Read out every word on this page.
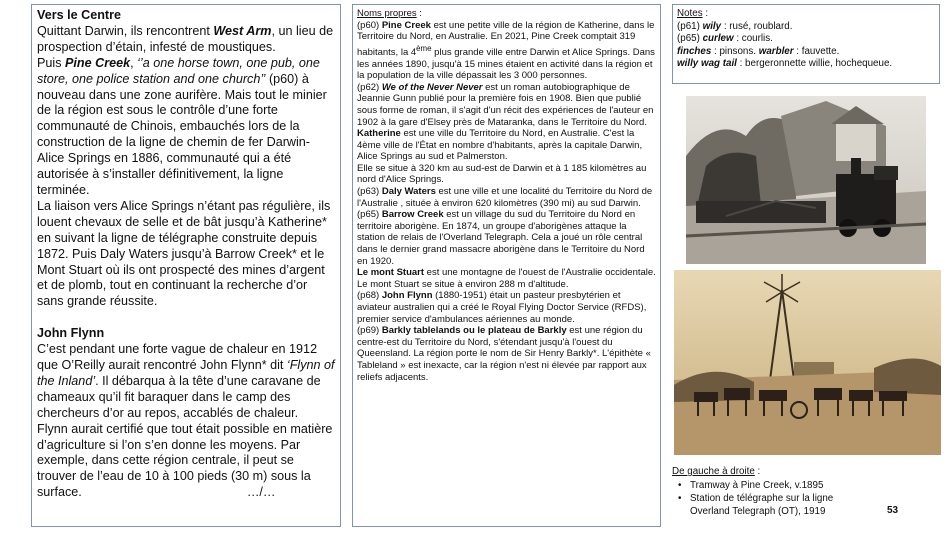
Vers le Centre

Quittant Darwin, ils rencontrent West Arm, un lieu de prospection d’étain, infesté de moustiques.

Puis Pine Creek, ‘’a one horse town, one pub, one store, one police station and one church’’ (p60) à nouveau dans une zone aurifère. Mais tout le minier de la région est sous le contrôle d’une forte communauté de Chinois, embauchés lors de la construction de la ligne de chemin de fer Darwin-Alice Springs en 1886, communauté qui a été autorisée à s’installer définitivement, la ligne terminée.

La liaison vers Alice Springs n’étant pas régulière, ils louent chevaux de selle et de bât jusqu’à Katherine* en suivant la ligne de télégraphe construite depuis 1872. Puis Daly Waters jusqu’à Barrow Creek* et le Mont Stuart où ils ont prospecté des mines d’argent et de plomb, tout en continuant la recherche d’or sans grande réussite.

John Flynn

C’est pendant une forte vague de chaleur en 1912 que O’Reilly aurait rencontré John Flynn* dit ‘Flynn of the Inland’. Il débarqua à la tête d’une caravane de chameaux qu’il fit baraquer dans le camp des chercheurs d’or au repos, accablés de chaleur.

Flynn aurait certifié que tout était possible en matière d’agriculture si l’on s’en donne les moyens. Par exemple, dans cette région centrale, il peut se trouver de l’eau de 10 à 100 pieds (30 m) sous la surface.	…/…

Noms propres :

(p60) Pine Creek est une petite ville de la région de Katherine, dans le Territoire du Nord, en Australie. En 2021, Pine Creek comptait 319 habitants, la 4ème plus grande ville entre Darwin et Alice Springs. Dans les années 1890, jusqu'à 15 mines étaient en activité dans la région et la population de la ville dépassait les 3 000 personnes.

(p62) We of the Never Never est un roman autobiographique de Jeannie Gunn publié pour la première fois en 1908. Bien que publié sous forme de roman, il s'agit d'un récit des expériences de l'auteur en 1902 à la gare d'Elsey près de Mataranka, dans le Territoire du Nord.

Katherine est une ville du Territoire du Nord, en Australie. C'est la 4ème ville de l'État en nombre d'habitants, après la capitale Darwin, Alice Springs au sud et Palmerston.

Elle se situe à 320 km au sud-est de Darwin et à 1 185 kilomètres au nord d'Alice Springs.

(p63) Daly Waters est une ville et une localité du Territoire du Nord de l'Australie , située à environ 620 kilomètres (390 mi) au sud Darwin.

(p65) Barrow Creek est un village du sud du Territoire du Nord en territoire aborigène. En 1874, un groupe d'aborigènes attaque la station de relais de l'Overland Telegraph. Cela a joué un rôle central dans le dernier grand massacre aborigène dans le Territoire du Nord en 1920.

Le mont Stuart est une montagne de l'ouest de l'Australie occidentale. Le mont Stuart se situe à environ 288 m d'altitude.

(p68) John Flynn (1880-1951) était un pasteur presbytérien et aviateur australien qui a créé le Royal Flying Doctor Service (RFDS), premier service d'ambulances aériennes au monde.

(p69) Barkly tablelands ou le plateau de Barkly est une région du centre-est du Territoire du Nord, s'étendant jusqu'à l'ouest du Queensland. La région porte le nom de Sir Henry Barkly*. L'épithète « Tableland » est inexacte, car la région n'est ni élevée par rapport aux reliefs adjacents.

Notes :

(p61) wily : rusé, roublard.

(p65) curlew : courlis.

finches : pinsons. warbler : fauvette.

willy wag tail : bergeronnette willie, hochequeue.

De gauche à droite :

• Tramway à Pine Creek, v.1895
• Station de télégraphe sur la ligne Overland Telegraph (OT), 1919	53
